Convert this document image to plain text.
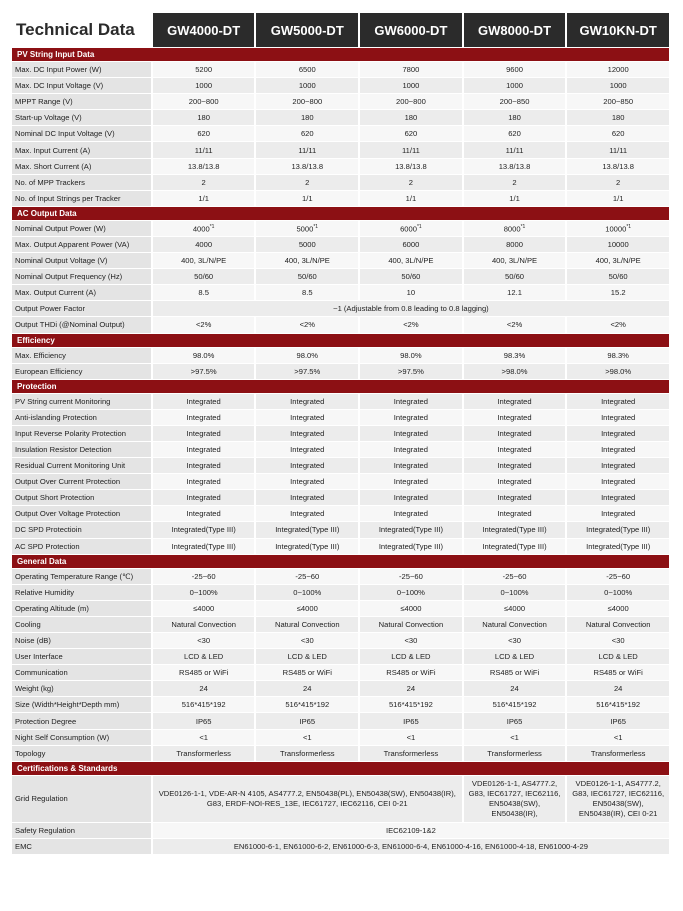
Technical Data	GW4000-DT	GW5000-DT	GW6000-DT	GW8000-DT	GW10KN-DT
PV String Input Data					
Max. DC Input Power (W)	5200	6500	7800	9600	12000
Max. DC Input Voltage (V)	1000	1000	1000	1000	1000
MPPT Range (V)	200~800	200~800	200~800	200~850	200~850
Start-up Voltage (V)	180	180	180	180	180
Nominal DC Input Voltage (V)	620	620	620	620	620
Max. Input Current (A)	11/11	11/11	11/11	11/11	11/11
Max. Short Current (A)	13.8/13.8	13.8/13.8	13.8/13.8	13.8/13.8	13.8/13.8
No. of MPP Trackers	2	2	2	2	2
No. of Input Strings per Tracker	1/1	1/1	1/1	1/1	1/1
AC Output Data					
Nominal Output Power (W)	4000$^{*1}$	5000$^{*1}$	6000$^{*1}$	8000$^{*1}$	10000$^{*1}$
Max. Output Apparent Power (VA)	4000	5000	6000	8000	10000
Nominal Output Voltage (V)	400, 3L/N/PE	400, 3L/N/PE	400, 3L/N/PE	400, 3L/N/PE	400, 3L/N/PE
Nominal Output Frequency (Hz)	50/60	50/60	50/60	50/60	50/60
Max. Output Current (A)	8.5	8.5	10	12.1	15.2
Output Power Factor	~1 (Adjustable from 0.8 leading to 0.8 lagging)				
Output THDi (@Nominal Output)	<2%	<2%	<2%	<2%	<2%
Efficiency					
Max. Efficiency	98.0%	98.0%	98.0%	98.3%	98.3%
European Efficiency	>97.5%	>97.5%	>97.5%	>98.0%	>98.0%
Protection					
PV String current Monitoring	Integrated	Integrated	Integrated	Integrated	Integrated
Anti-islanding Protection	Integrated	Integrated	Integrated	Integrated	Integrated
Input Reverse Polarity Protection	Integrated	Integrated	Integrated	Integrated	Integrated
Insulation Resistor Detection	Integrated	Integrated	Integrated	Integrated	Integrated
Residual Current Monitoring Unit	Integrated	Integrated	Integrated	Integrated	Integrated
Output Over Current Protection	Integrated	Integrated	Integrated	Integrated	Integrated
Output Short Protection	Integrated	Integrated	Integrated	Integrated	Integrated
Output Over Voltage Protection	Integrated	Integrated	Integrated	Integrated	Integrated
DC SPD Protectioin	Integrated(Type III)	Integrated(Type III)	Integrated(Type III)	Integrated(Type III)	Integrated(Type III)
AC SPD Protection	Integrated(Type III)	Integrated(Type III)	Integrated(Type III)	Integrated(Type III)	Integrated(Type III)
General Data					
Operating Temperature Range (℃)	-25~60	-25~60	-25~60	-25~60	-25~60
Relative Humidity	0~100%	0~100%	0~100%	0~100%	0~100%
Operating Altitude (m)	≤4000	≤4000	≤4000	≤4000	≤4000
Cooling	Natural Convection	Natural Convection	Natural Convection	Natural Convection	Natural Convection
Noise (dB)	<30	<30	<30	<30	<30
User Interface	LCD & LED	LCD & LED	LCD & LED	LCD & LED	LCD & LED
Communication	RS485 or WiFi	RS485 or WiFi	RS485 or WiFi	RS485 or WiFi	RS485 or WiFi
Weight (kg)	24	24	24	24	24
Size (Width*Height*Depth mm)	516*415*192	516*415*192	516*415*192	516*415*192	516*415*192
Protection Degree	IP65	IP65	IP65	IP65	IP65
Night Self Consumption (W)	<1	<1	<1	<1	<1
Topology	Transformerless	Transformerless	Transformerless	Transformerless	Transformerless
Certifications & Standards					
Grid Regulation	VDE0126-1-1, VDE-AR-N 4105, AS4777.2, EN50438(PL), EN50438(SW), EN50438(IR), G83, ERDF-NOI-RES_13E, IEC61727, IEC62116, CEI 0-21			VDE0126-1-1, AS4777.2, G83, IEC61727, IEC62116, EN50438(SW), EN50438(IR),	VDE0126-1-1, AS4777.2, G83, IEC61727, IEC62116, EN50438(SW), EN50438(IR), CEI 0-21
Safety Regulation	IEC62109-1&2				
EMC	EN61000-6-1, EN61000-6-2, EN61000-6-3, EN61000-6-4, EN61000-4-16, EN61000-4-18, EN61000-4-29				
